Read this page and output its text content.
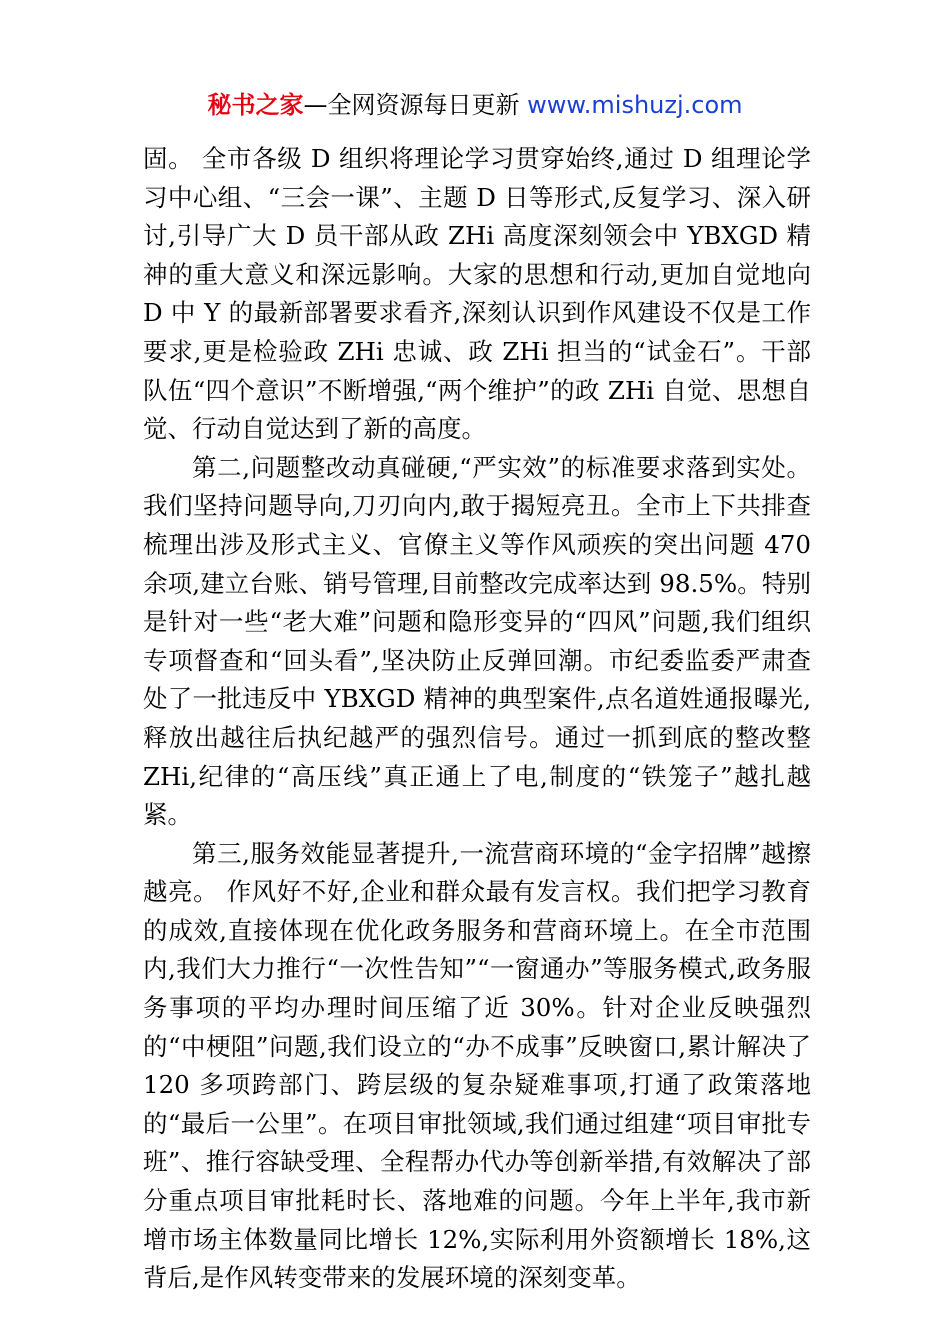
秘书之家—全网资源每日更新 www.mishuzj.com

固。 全市各级 D 组织将理论学习贯穿始终,通过 D 组理论学习中心组、“三会一课”、主题 D 日等形式,反复学习、深入研讨,引导广大 D 员干部从政 ZHi 高度深刻领会中 YBXGD 精神的重大意义和深远影响。大家的思想和行动,更加自觉地向 D 中 Y 的最新部署要求看齐,深刻认识到作风建设不仅是工作要求,更是检验政 ZHi 忠诚、政 ZHi 担当的“试金石”。干部队伍“四个意识”不断增强,“两个维护”的政 ZHi 自觉、思想自觉、行动自觉达到了新的高度。

第二,问题整改动真碰硬,“严实效”的标准要求落到实处。 我们坚持问题导向,刀刃向内,敢于揭短亮丑。全市上下共排查梳理出涉及形式主义、官僚主义等作风顽疾的突出问题 470 余项,建立台账、销号管理,目前整改完成率达到 98.5%。特别是针对一些“老大难”问题和隐形变异的“四风”问题,我们组织专项督查和“回头看”,坚决防止反弹回潮。市纪委监委严肃查处了一批违反中 YBXGD 精神的典型案件,点名道姓通报曝光,释放出越往后执纪越严的强烈信号。通过一抓到底的整改整 ZHi,纪律的“高压线”真正通上了电,制度的“铁笼子”越扎越紧。

第三,服务效能显著提升,一流营商环境的“金字招牌”越擦越亮。 作风好不好,企业和群众最有发言权。我们把学习教育的成效,直接体现在优化政务服务和营商环境上。在全市范围内,我们大力推行“一次性告知”“一窗通办”等服务模式,政务服务事项的平均办理时间压缩了近 30%。针对企业反映强烈的“中梗阻”问题,我们设立的“办不成事”反映窗口,累计解决了 120 多项跨部门、跨层级的复杂疑难事项,打通了政策落地的“最后一公里”。在项目审批领域,我们通过组建“项目审批专班”、推行容缺受理、全程帮办代办等创新举措,有效解决了部分重点项目审批耗时长、落地难的问题。今年上半年,我市新增市场主体数量同比增长 12%,实际利用外资额增长 18%,这背后,是作风转变带来的发展环境的深刻变革。
